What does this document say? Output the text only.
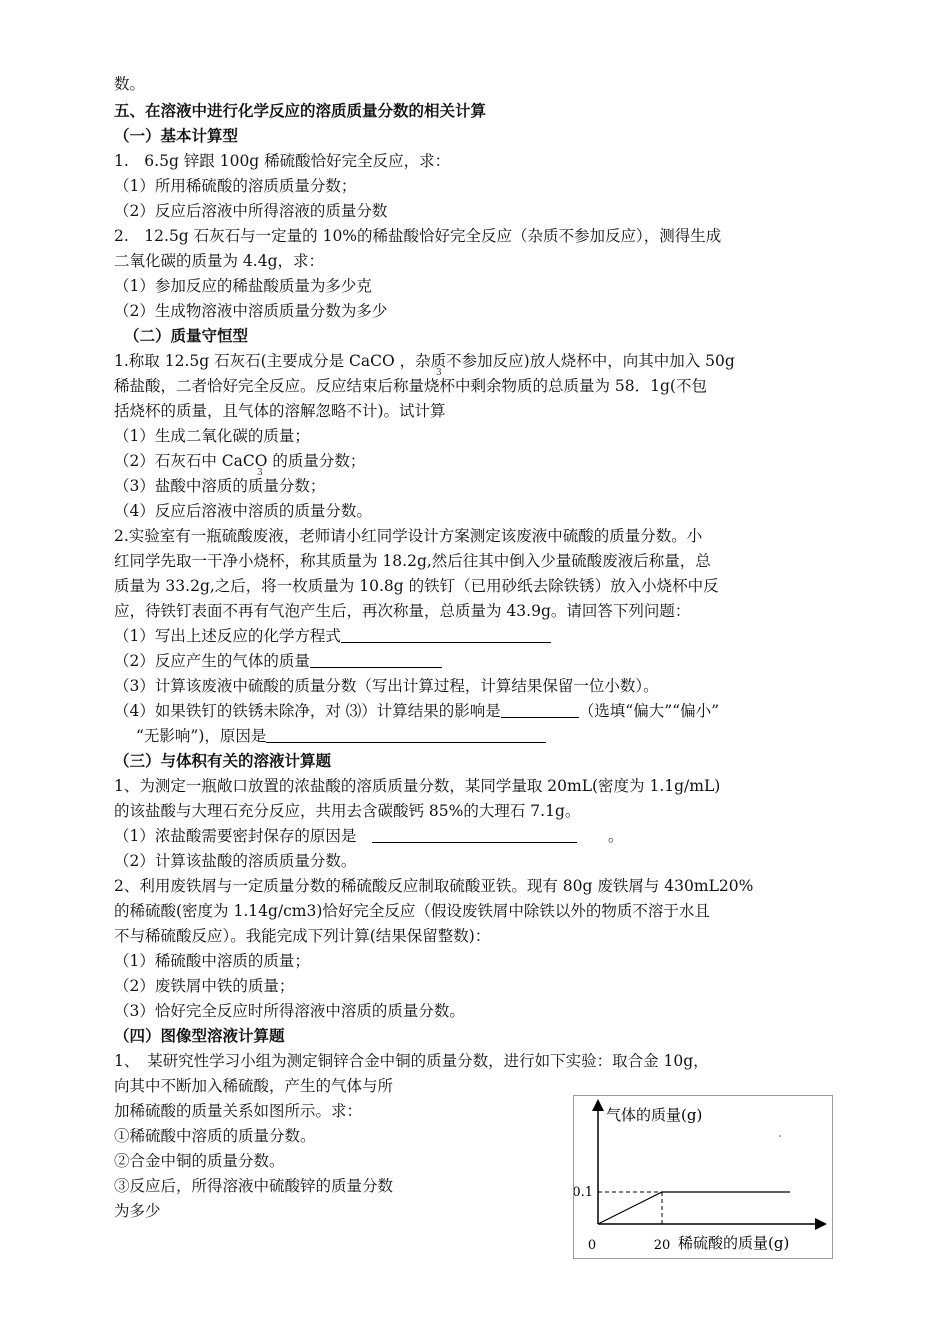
数。
五、在溶液中进行化学反应的溶质质量分数的相关计算
（一）基本计算型
1.　6.5g 锌跟 100g 稀硫酸恰好完全反应，求：
（1）所用稀硫酸的溶质质量分数；
（2）反应后溶液中所得溶液的质量分数
2.　12.5g 石灰石与一定量的 10%的稀盐酸恰好完全反应（杂质不参加反应），测得生成
二氧化碳的质量为 4.4g，求：
（1）参加反应的稀盐酸质量为多少克
（2）生成物溶液中溶质质量分数为多少
（二）质量守恒型
1.称取 12.5g 石灰石(主要成分是 CaCO ，杂质不参加反应)放人烧杯中，向其中加入 50g
3
稀盐酸，二者恰好完全反应。反应结束后称量烧杯中剩余物质的总质量为 58．1g(不包
括烧杯的质量，且气体的溶解忽略不计)。试计算
（1）生成二氧化碳的质量；
（2）石灰石中 CaCO 的质量分数；
3
（3）盐酸中溶质的质量分数；
（4）反应后溶液中溶质的质量分数。
2.实验室有一瓶硫酸废液，老师请小红同学设计方案测定该废液中硫酸的质量分数。小
红同学先取一干净小烧杯，称其质量为 18.2g,然后往其中倒入少量硫酸废液后称量，总
质量为 33.2g,之后，将一枚质量为 10.8g 的铁钉（已用砂纸去除铁锈）放入小烧杯中反
应，待铁钉表面不再有气泡产生后，再次称量，总质量为 43.9g。请回答下列问题：
（1）写出上述反应的化学方程式
（2）反应产生的气体的质量
（3）计算该废液中硫酸的质量分数（写出计算过程，计算结果保留一位小数）。
（4）如果铁钉的铁锈未除净，对 ⑶）计算结果的影响是	（选填“偏大”“偏小”
“无影响”)，原因是
（三）与体积有关的溶液计算题
1、为测定一瓶敞口放置的浓盐酸的溶质质量分数，某同学量取 20mL(密度为 1.1g/mL)
的该盐酸与大理石充分反应，共用去含碳酸钙 85%的大理石 7.1g。
（1）浓盐酸需要密封保存的原因是　　　	。
（2）计算该盐酸的溶质质量分数。
2、利用废铁屑与一定质量分数的稀硫酸反应制取硫酸亚铁。现有 80g 废铁屑与 430mL20%
的稀硫酸(密度为 1.14g/cm3)恰好完全反应（假设废铁屑中除铁以外的物质不溶于水且
不与稀硫酸反应）。我能完成下列计算(结果保留整数)：
（1）稀硫酸中溶质的质量；
（2）废铁屑中铁的质量；
（3）恰好完全反应时所得溶液中溶质的质量分数。
（四）图像型溶液计算题
1、　某研究性学习小组为测定铜锌合金中铜的质量分数，进行如下实验：取合金 10g，
向其中不断加入稀硫酸，产生的气体与所
加稀硫酸的质量关系如图所示。求：
①稀硫酸中溶质的质量分数。
②合金中铜的质量分数。
③反应后，所得溶液中硫酸锌的质量分数
为多少
气体的质量(g)
稀硫酸的质量(g)
0	20
0.1
